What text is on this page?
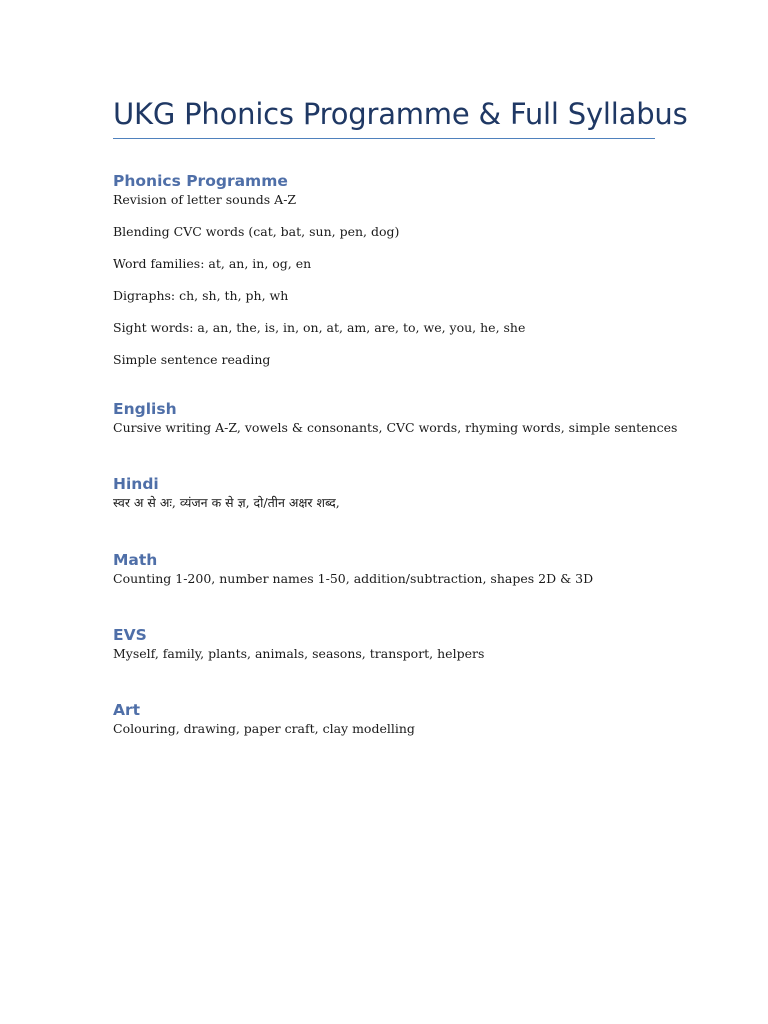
UKG Phonics Programme & Full Syllabus
Phonics Programme

Revision of letter sounds A-Z

Blending CVC words (cat, bat, sun, pen, dog)

Word families: at, an, in, og, en

Digraphs: ch, sh, th, ph, wh

Sight words: a, an, the, is, in, on, at, am, are, to, we, you, he, she

Simple sentence reading

English

Cursive writing A-Z, vowels & consonants, CVC words, rhyming words, simple sentences

Hindi

स्वर अ से अः, व्यंजन क से ज्ञ, दो/तीन अक्षर शब्द,

Math

Counting 1-200, number names 1-50, addition/subtraction, shapes 2D & 3D

EVS

Myself, family, plants, animals, seasons, transport, helpers

Art

Colouring, drawing, paper craft, clay modelling
